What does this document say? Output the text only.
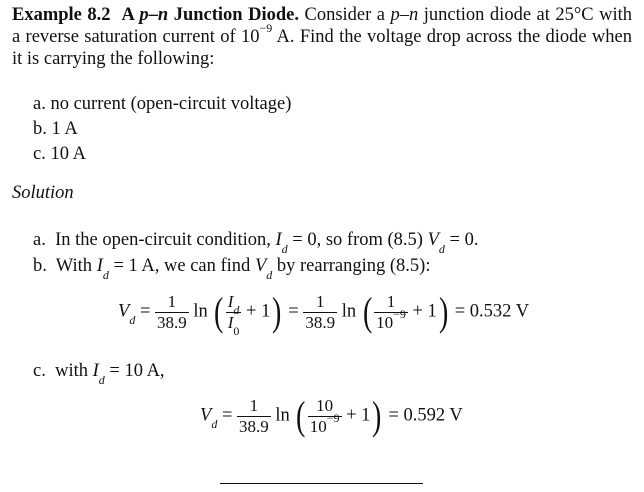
Example 8.2 A p–n Junction Diode. Consider a p–n junction diode at 25°C with a reverse saturation current of $10^{-9}$ A. Find the voltage drop across the diode when it is carrying the following:
a. no current (open-circuit voltage)
b. 1 A
c. 10 A
Solution
a. In the open-circuit condition, $I_d = 0$, so from (8.5) $V_d = 0$.
b. With $I_d = 1$ A, we can find $V_d$ by rearranging (8.5):
$V_d = \frac{1}{38.9}$ ln ( $\frac{I_d}{I_0} + 1) = \frac{1}{38.9}$ ln ( $\frac{1}{10^{-9}} + 1) = 0.532$ V
c. with $I_d = 10$ A,
$V_d = \frac{1}{38.9}$ ln ( $\frac{10}{10^{-9}} + 1) = 0.592$ V
